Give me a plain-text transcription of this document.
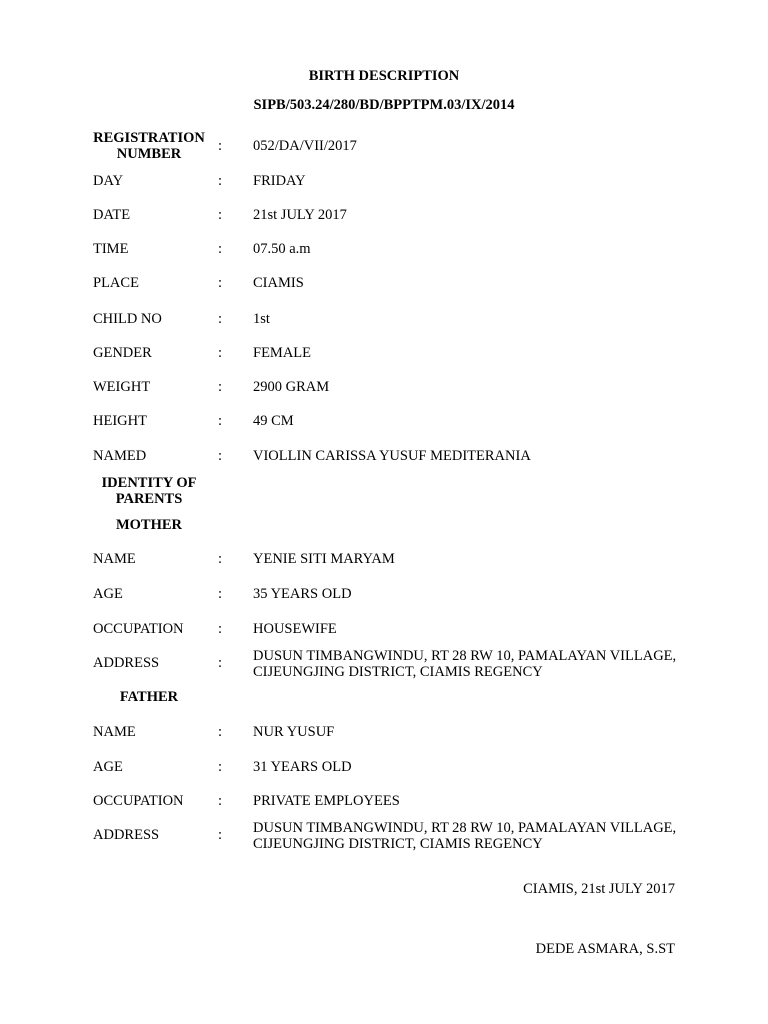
BIRTH DESCRIPTION
SIPB/503.24/280/BD/BPPTPM.03/IX/2014
REGISTRATION
NUMBER	: 052/DA/VII/2017
DAY	: FRIDAY
DATE	: 21st JULY 2017
TIME	: 07.50 a.m
PLACE	: CIAMIS
CHILD NO	: 1st
GENDER	: FEMALE
WEIGHT	: 2900 GRAM
HEIGHT	: 49 CM
NAMED	: VIOLLIN CARISSA YUSUF MEDITERANIA
IDENTITY OF
PARENTS
MOTHER
NAME	: YENIE SITI MARYAM
AGE	: 35 YEARS OLD
OCCUPATION : HOUSEWIFE
ADDRESS	: DUSUN TIMBANGWINDU, RT 28 RW 10, PAMALAYAN VILLAGE,
CIJEUNGJING DISTRICT, CIAMIS REGENCY
FATHER
NAME	: NUR YUSUF
AGE	: 31 YEARS OLD
OCCUPATION : PRIVATE EMPLOYEES
ADDRESS	: DUSUN TIMBANGWINDU, RT 28 RW 10, PAMALAYAN VILLAGE,
CIJEUNGJING DISTRICT, CIAMIS REGENCY
CIAMIS, 21st JULY 2017
DEDE ASMARA, S.ST
